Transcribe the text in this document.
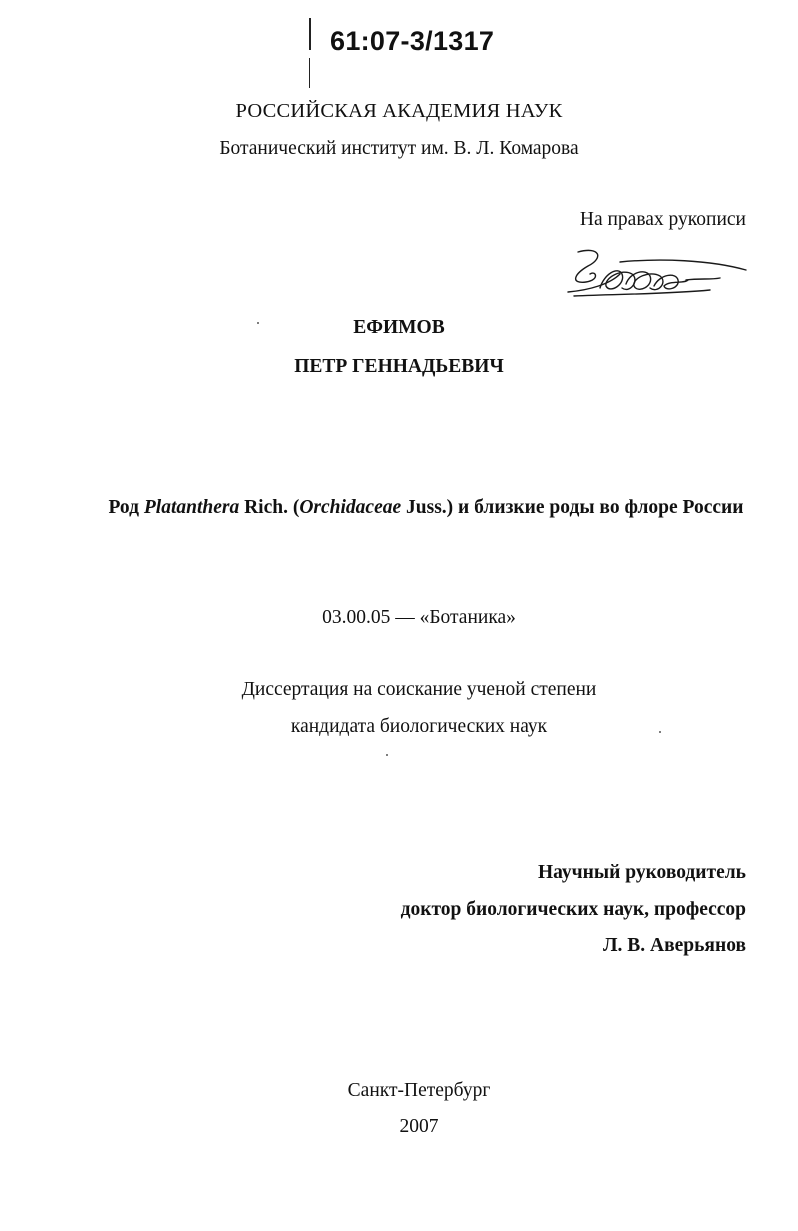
61:07-3/1317
РОССИЙСКАЯ АКАДЕМИЯ НАУК
Ботанический институт им. В. Л. Комарова
На правах рукописи
ЕФИМОВ
ПЕТР ГЕННАДЬЕВИЧ
Род Platanthera Rich. (Orchidaceae Juss.) и близкие роды во флоре России
03.00.05 — «Ботаника»
Диссертация на соискание ученой степени
кандидата биологических наук
Научный руководитель
доктор биологических наук, профессор
Л. В. Аверьянов
Санкт-Петербург
2007
